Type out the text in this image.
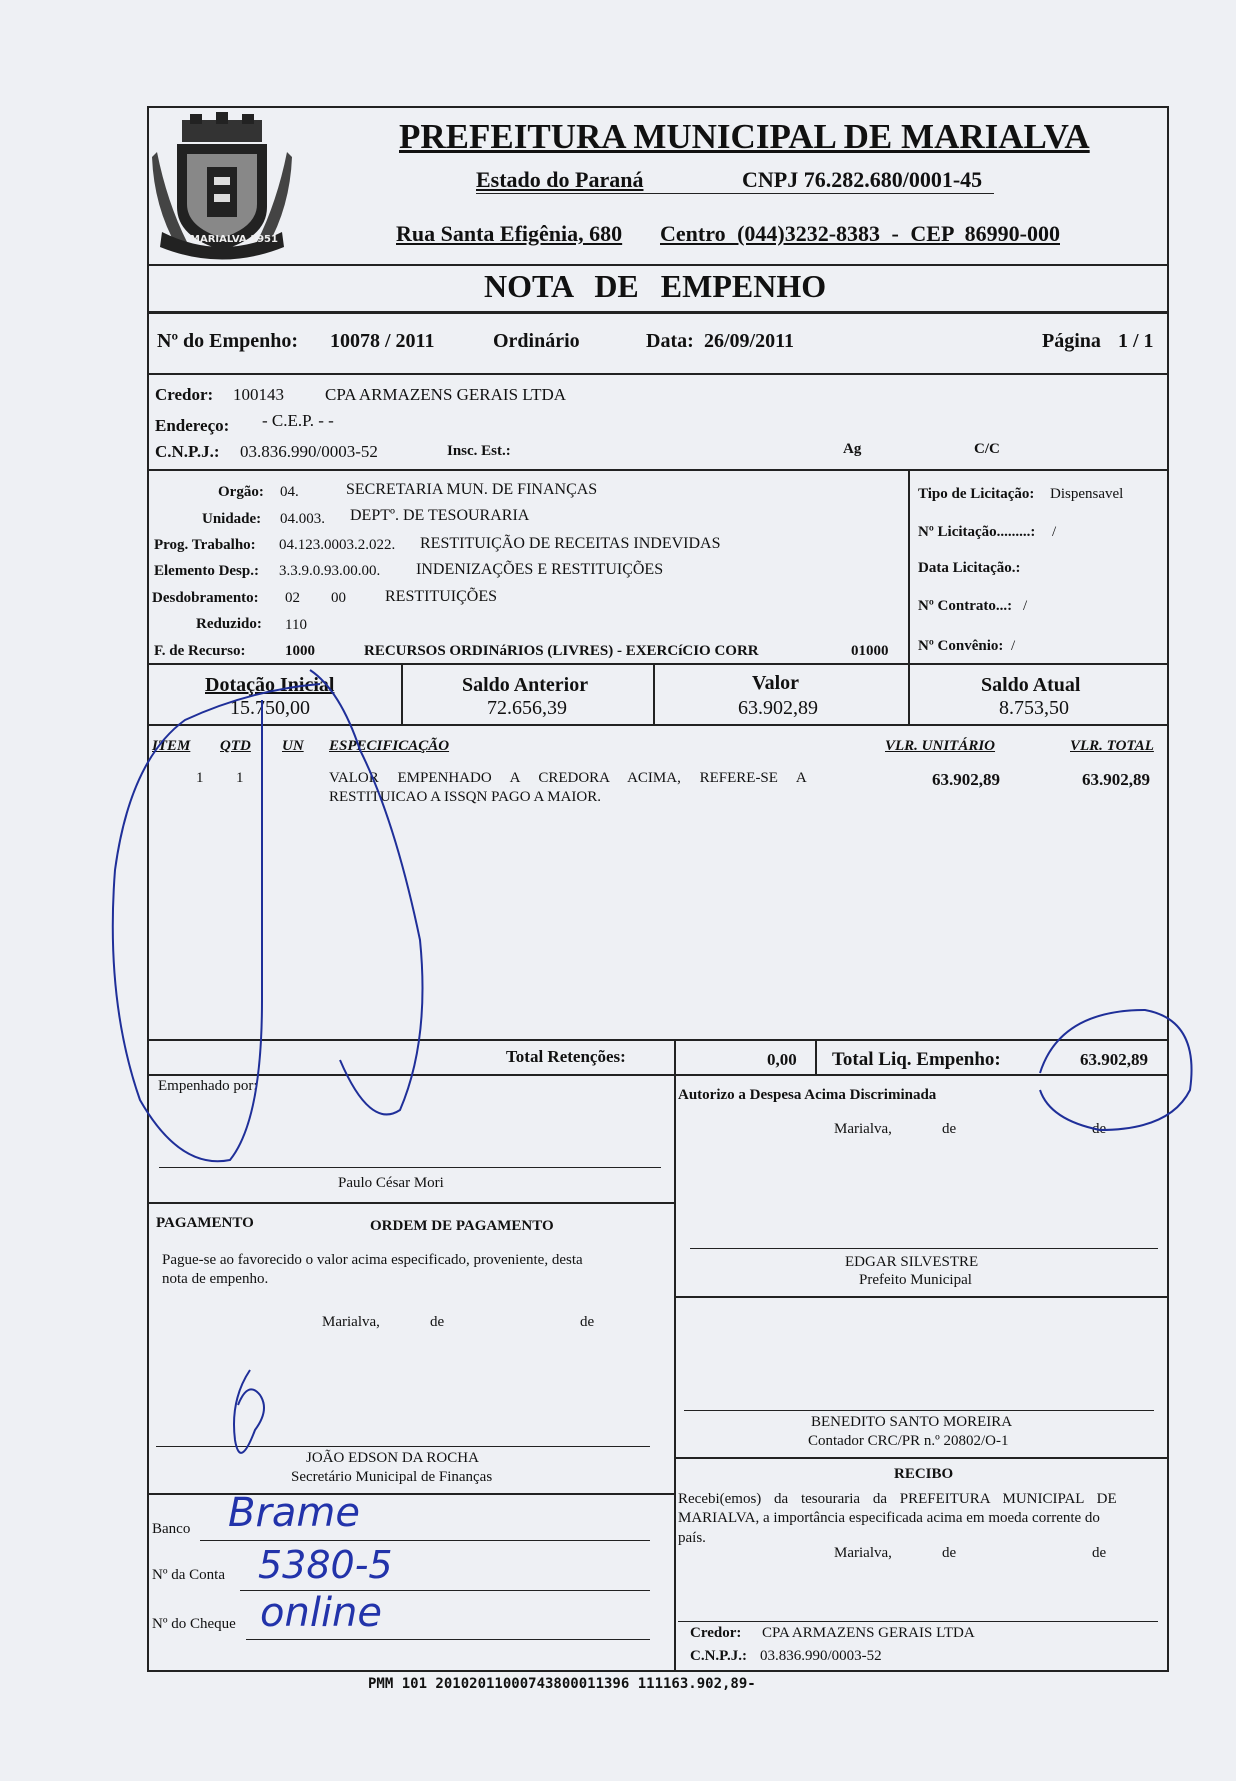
MARIALVA 1951
PREFEITURA MUNICIPAL DE MARIALVA
Estado do Paraná	CNPJ 76.282.680/0001-45
Rua Santa Efigênia, 680 Centro (044)3232-8383 - CEP 86990-000
NOTA DE EMPENHO
Nº do Empenho: 10078 / 2011	Ordinário	Data: 26/09/2011	Página 1 / 1
Credor: 100143 CPA ARMAZENS GERAIS LTDA
Endereço: - C.E.P. - -
C.N.P.J.: 03.836.990/0003-52	Insc. Est.:	Ag	C/C
Orgão: 04.	SECRETARIA MUN. DE FINANÇAS
Unidade: 04.003. DEPTº. DE TESOURARIA
Prog. Trabalho: 04.123.0003.2.022. RESTITUIÇÃO DE RECEITAS INDEVIDAS
Elemento Desp.: 3.3.9.0.93.00.00. INDENIZAÇÕES E RESTITUIÇÕES
Desdobramento: 02 00 RESTITUIÇÕES
Reduzido: 110
F. de Recurso:	1000	RECURSOS ORDINáRIOS (LIVRES) - EXERCíCIO CORR	01000
Tipo de Licitação: Dispensavel
Nº Licitação.........: /
Data Licitação.:
Nº Contrato...: /
Nº Convênio: /
Dotação Inicial
15.750,00
Saldo Anterior
72.656,39
Valor
63.902,89
Saldo Atual
8.753,50
ITEM QTD UN ESPECIFICAÇÃO	VLR. UNITÁRIO	VLR. TOTAL
1 1	VALOR EMPENHADO A CREDORA ACIMA, REFERE-SE A
RESTITUICAO A ISSQN PAGO A MAIOR.
63.902,89	63.902,89
Total Retenções:	0,00 Total Liq. Empenho:	63.902,89
Empenhado por:
Paulo César Mori
Autorizo a Despesa Acima Discriminada
Marialva,	de	de
EDGAR SILVESTRE
Prefeito Municipal
PAGAMENTO	ORDEM DE PAGAMENTO
Pague-se ao favorecido o valor acima especificado, proveniente, desta
nota de empenho.
Marialva,	de	de
JOÃO EDSON DA ROCHA
Secretário Municipal de Finanças
BENEDITO SANTO MOREIRA
Contador CRC/PR n.º 20802/O-1
Banco Brame
Nº da Conta 5380-5
Nº do Cheque online
RECIBO
Recebi(emos) da tesouraria da PREFEITURA MUNICIPAL DE
MARIALVA, a importância especificada acima em moeda corrente do
país.
Marialva,	de	de
Credor: CPA ARMAZENS GERAIS LTDA
C.N.P.J.: 03.836.990/0003-52
PMM 101 20102011000743800011396 111163.902,89-
